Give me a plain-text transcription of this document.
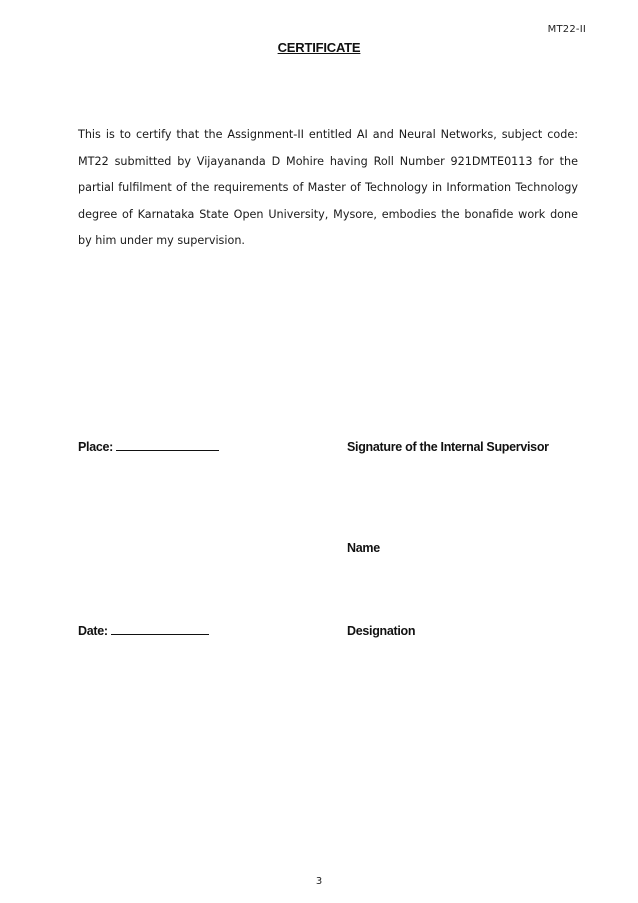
MT22-II
CERTIFICATE

This is to certify that the Assignment-II entitled AI and Neural Networks, subject code: MT22 submitted by Vijayananda D Mohire having Roll Number 921DMTE0113 for the partial fulfilment of the requirements of Master of Technology in Information Technology degree of Karnataka State Open University, Mysore, embodies the bonafide work done by him under my supervision.

Place:	Signature of the Internal Supervisor
Name
Date:	Designation
3
